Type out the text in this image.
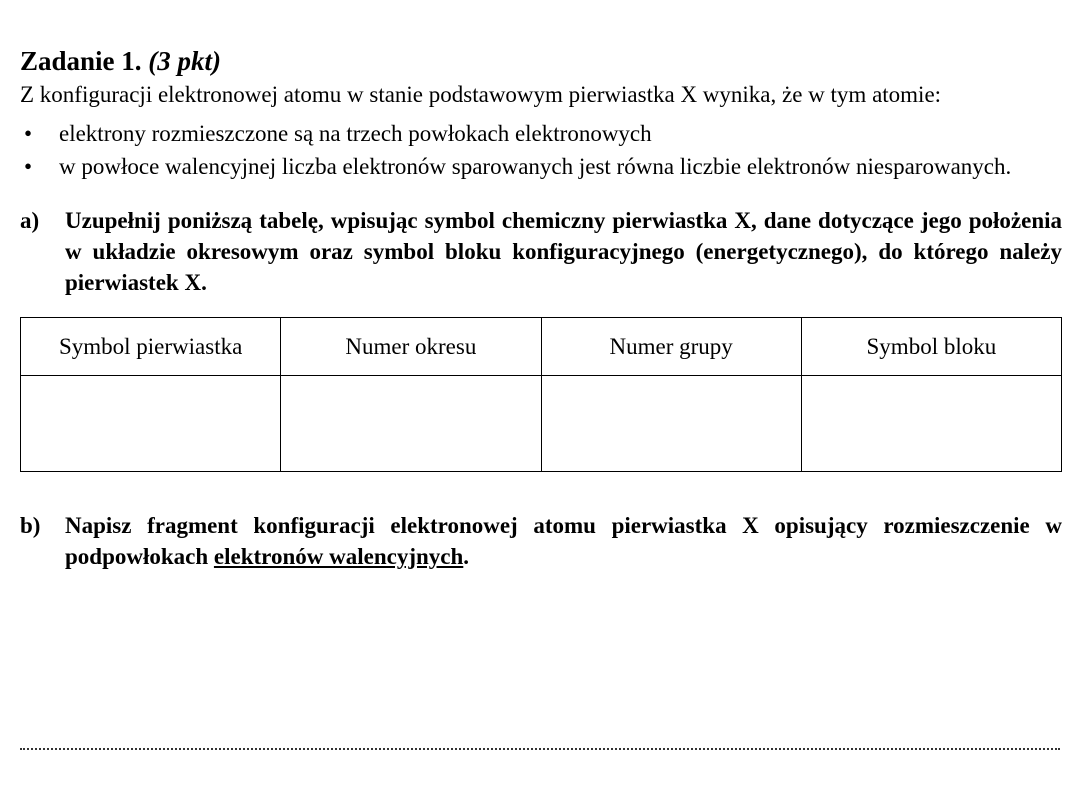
Zadanie 1. (3 pkt)

Z konfiguracji elektronowej atomu w stanie podstawowym pierwiastka X wynika, że w tym atomie:

• elektrony rozmieszczone są na trzech powłokach elektronowych
• w powłoce walencyjnej liczba elektronów sparowanych jest równa liczbie elektronów niesparowanych.
a) Uzupełnij poniższą tabelę, wpisując symbol chemiczny pierwiastka X, dane dotyczące jego położenia w układzie okresowym oraz symbol bloku konfiguracyjnego (energetycznego), do którego należy pierwiastek X.
Symbol pierwiastka	Numer okresu	Numer grupy	Symbol bloku

b) Napisz fragment konfiguracji elektronowej atomu pierwiastka X opisujący rozmieszczenie w podpowłokach elektronów walencyjnych.
